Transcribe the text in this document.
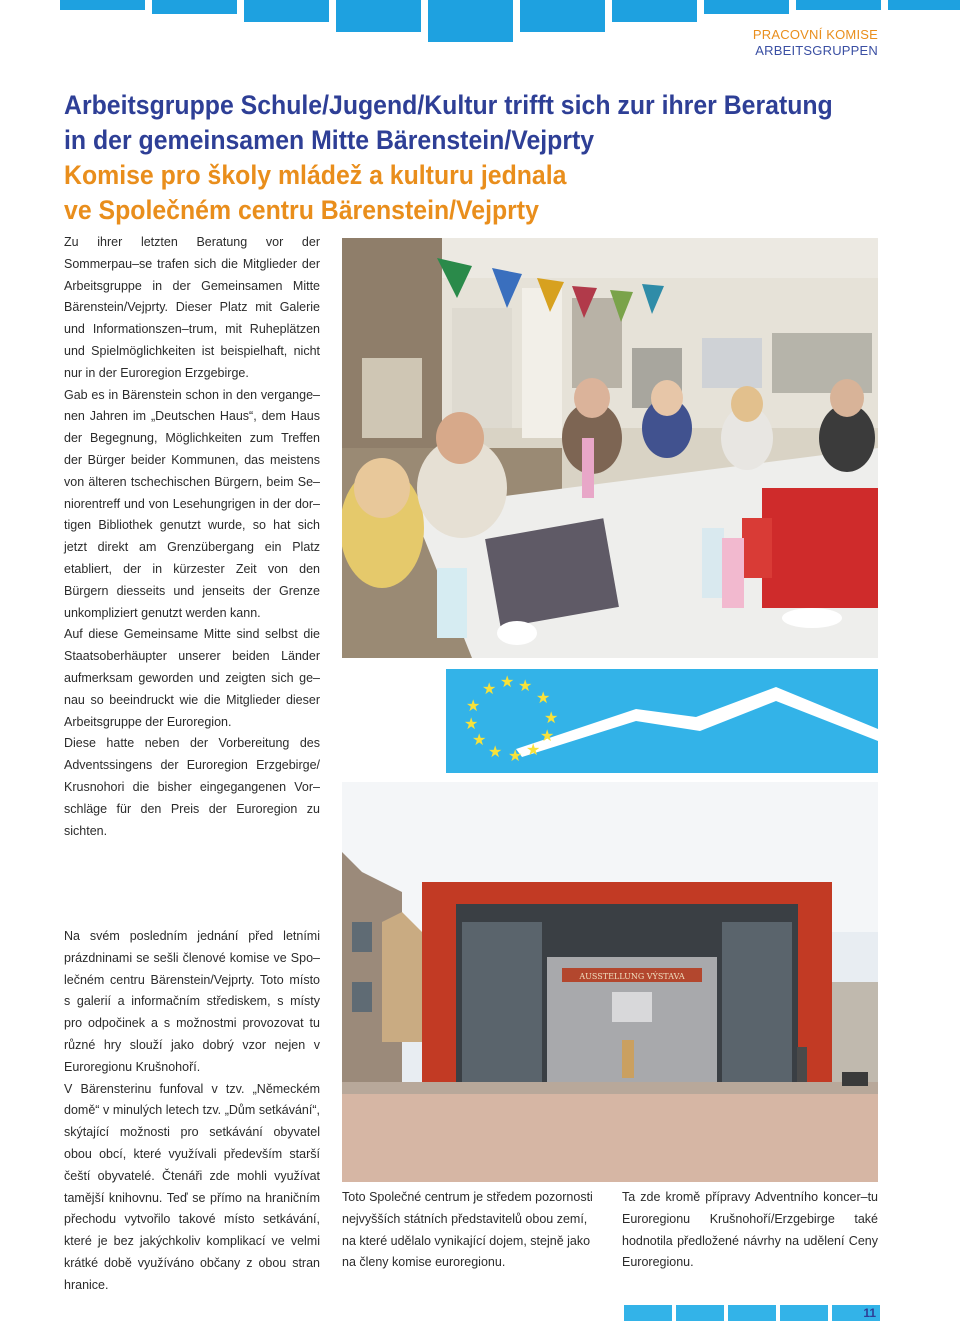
PRACOVNÍ KOMISE
ARBEITSGRUPPEN
Arbeitsgruppe Schule/Jugend/Kultur trifft sich zur ihrer Beratung
in der gemeinsamen Mitte Bärenstein/Vejprty
Komise pro školy mládež a kulturu jednala
ve Společném centru Bärenstein/Vejprty

Zu ihrer letzten Beratung vor der Sommerpau–se trafen sich die Mitglieder der Arbeitsgruppe in der Gemeinsamen Mitte Bärenstein/Vejprty. Dieser Platz mit Galerie und Informationszen–trum, mit Ruheplätzen und Spielmöglichkeiten ist beispielhaft, nicht nur in der Euroregion Erzgebirge.

Gab es in Bärenstein schon in den vergange–nen Jahren im „Deutschen Haus“, dem Haus der Begegnung, Möglichkeiten zum Treffen der Bürger beider Kommunen, das meistens von älteren tschechischen Bürgern, beim Se–niorentreff und von Lesehungrigen in der dor–tigen Bibliothek genutzt wurde, so hat sich jetzt direkt am Grenzübergang ein Platz etabliert, der in kürzester Zeit von den Bürgern diesseits und jenseits der Grenze unkompliziert genutzt werden kann.

Auf diese Gemeinsame Mitte sind selbst die Staatsoberhäupter unserer beiden Länder aufmerksam geworden und zeigten sich ge–nau so beeindruckt wie die Mitglieder dieser Arbeitsgruppe der Euroregion.

Diese hatte neben der Vorbereitung des Adventssingens der Euroregion Erzgebirge/ Krusnohori die bisher eingegangenen Vor–schläge für den Preis der Euroregion zu sichten.

★ ★ ★
★
★
★
★
★ ★ ★
★
★
AUSSTELLUNG VÝSTAVA

Na svém posledním jednání před letními prázdninami se sešli členové komise ve Spo–lečném centru Bärenstein/Vejprty. Toto místo s galerií a informačním střediskem, s místy pro odpočinek a s možnostmi provozovat tu různé hry slouží jako dobrý vzor nejen v Euroregionu Krušnohoří.

V Bärensterinu funfoval v tzv. „Německém domě“ v minulých letech tzv. „Dům setkávání“, skýtající možnosti pro setkávání obyvatel obou obcí, které využívali především starší čeští obyvatelé. Čtenáři zde mohli využívat tamější knihovnu. Teď se přímo na hraničním přechodu vytvořilo takové místo setkávání, které je bez jakýchkoliv komplikací ve velmi krátké době využíváno občany z obou stran hranice.

Toto Společné centrum je středem pozornosti nejvyšších státních představitelů obou zemí, na které udělalo vynikající dojem, stejně jako na členy komise euroregionu.

Ta zde kromě přípravy Adventního koncer–tu Euroregionu Krušnohoří/Erzgebirge také hodnotila předložené návrhy na udělení Ceny Euroregionu.

11
